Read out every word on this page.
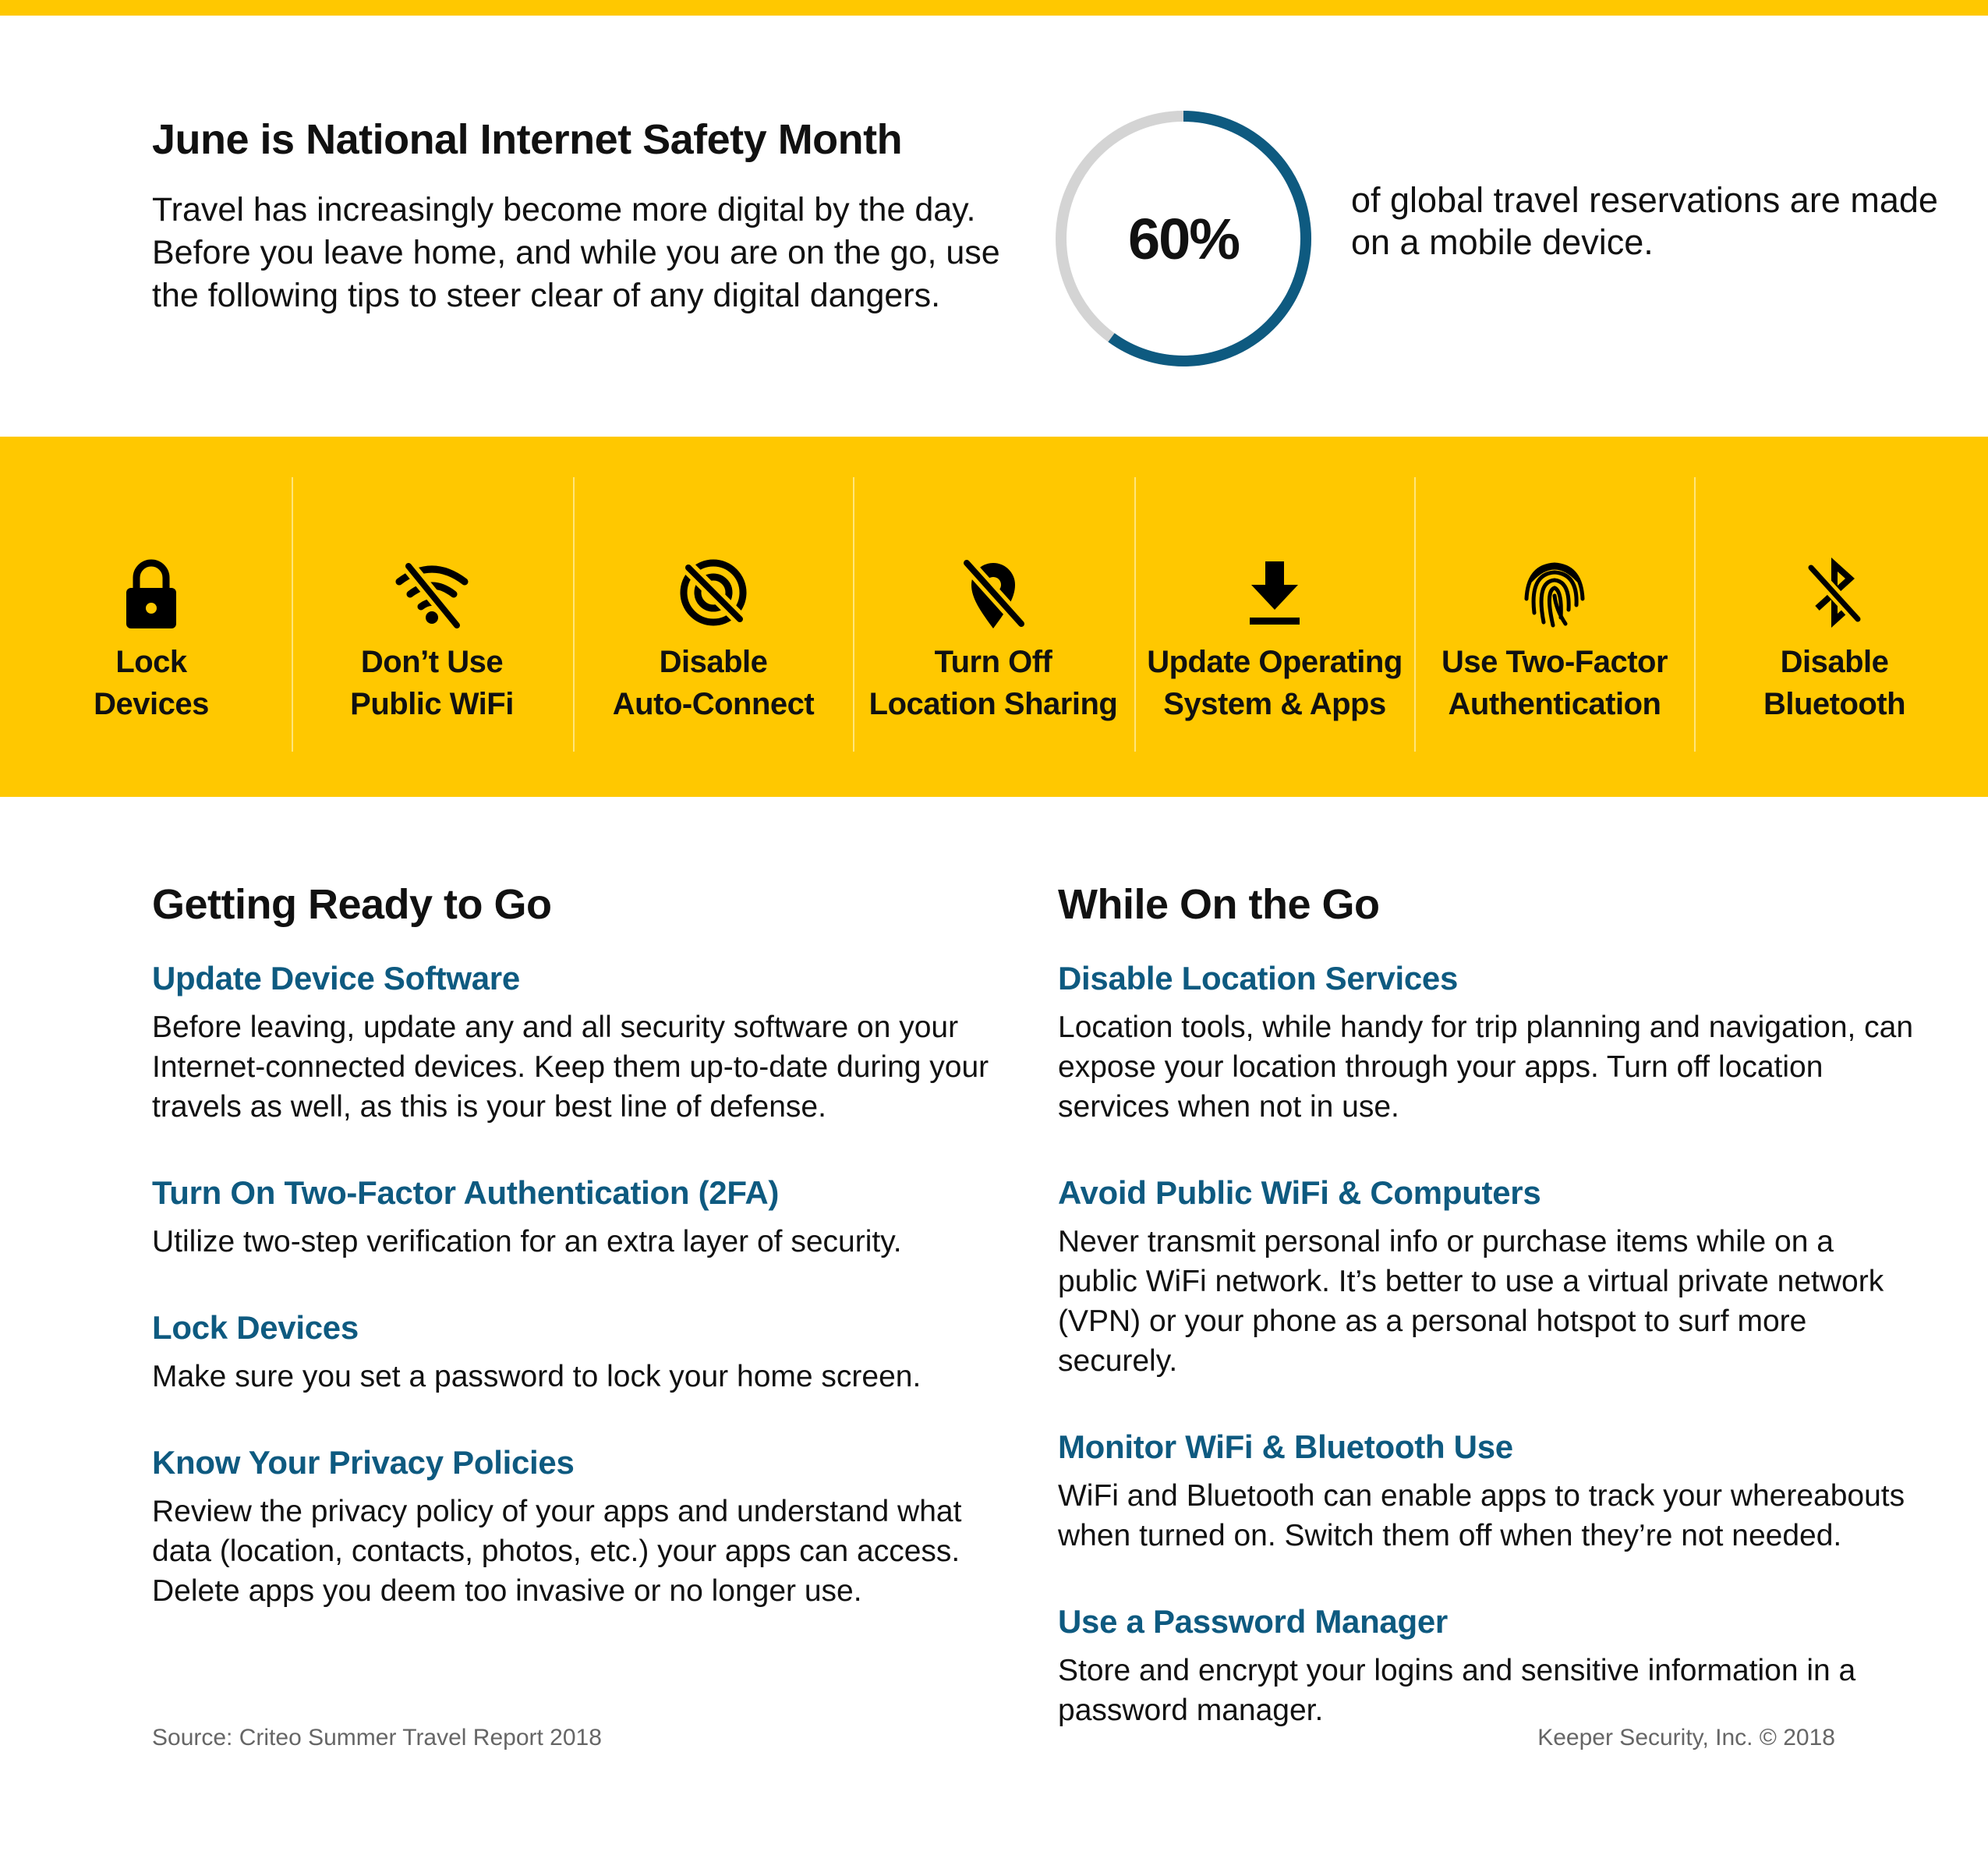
June is National Internet Safety Month

Travel has increasingly become more digital by the day. Before you leave home, and while you are on the go, use the following tips to steer clear of any digital dangers.

60%

of global travel reservations are made on a mobile device.

Lock
Devices
Don’t Use
Public WiFi
Disable
Auto-Connect
Turn Off
Location Sharing
Update Operating
System & Apps
Use Two-Factor
Authentication
Disable
Bluetooth
Getting Ready to Go
Update Device Software
Before leaving, update any and all security software on your Internet-connected devices. Keep them up-to-date during your travels as well, as this is your best line of defense.
Turn On Two-Factor Authentication (2FA)
Utilize two-step verification for an extra layer of security.
Lock Devices
Make sure you set a password to lock your home screen.
Know Your Privacy Policies
Review the privacy policy of your apps and understand what data (location, contacts, photos, etc.) your apps can access. Delete apps you deem too invasive or no longer use.
While On the Go
Disable Location Services
Location tools, while handy for trip planning and navigation, can expose your location through your apps. Turn off location services when not in use.
Avoid Public WiFi & Computers
Never transmit personal info or purchase items while on a public WiFi network. It’s better to use a virtual private network (VPN) or your phone as a personal hotspot to surf more securely.
Monitor WiFi & Bluetooth Use
WiFi and Bluetooth can enable apps to track your whereabouts when turned on. Switch them off when they’re not needed.
Use a Password Manager
Store and encrypt your logins and sensitive information in a password manager.
Source: Criteo Summer Travel Report 2018	Keeper Security, Inc. © 2018
